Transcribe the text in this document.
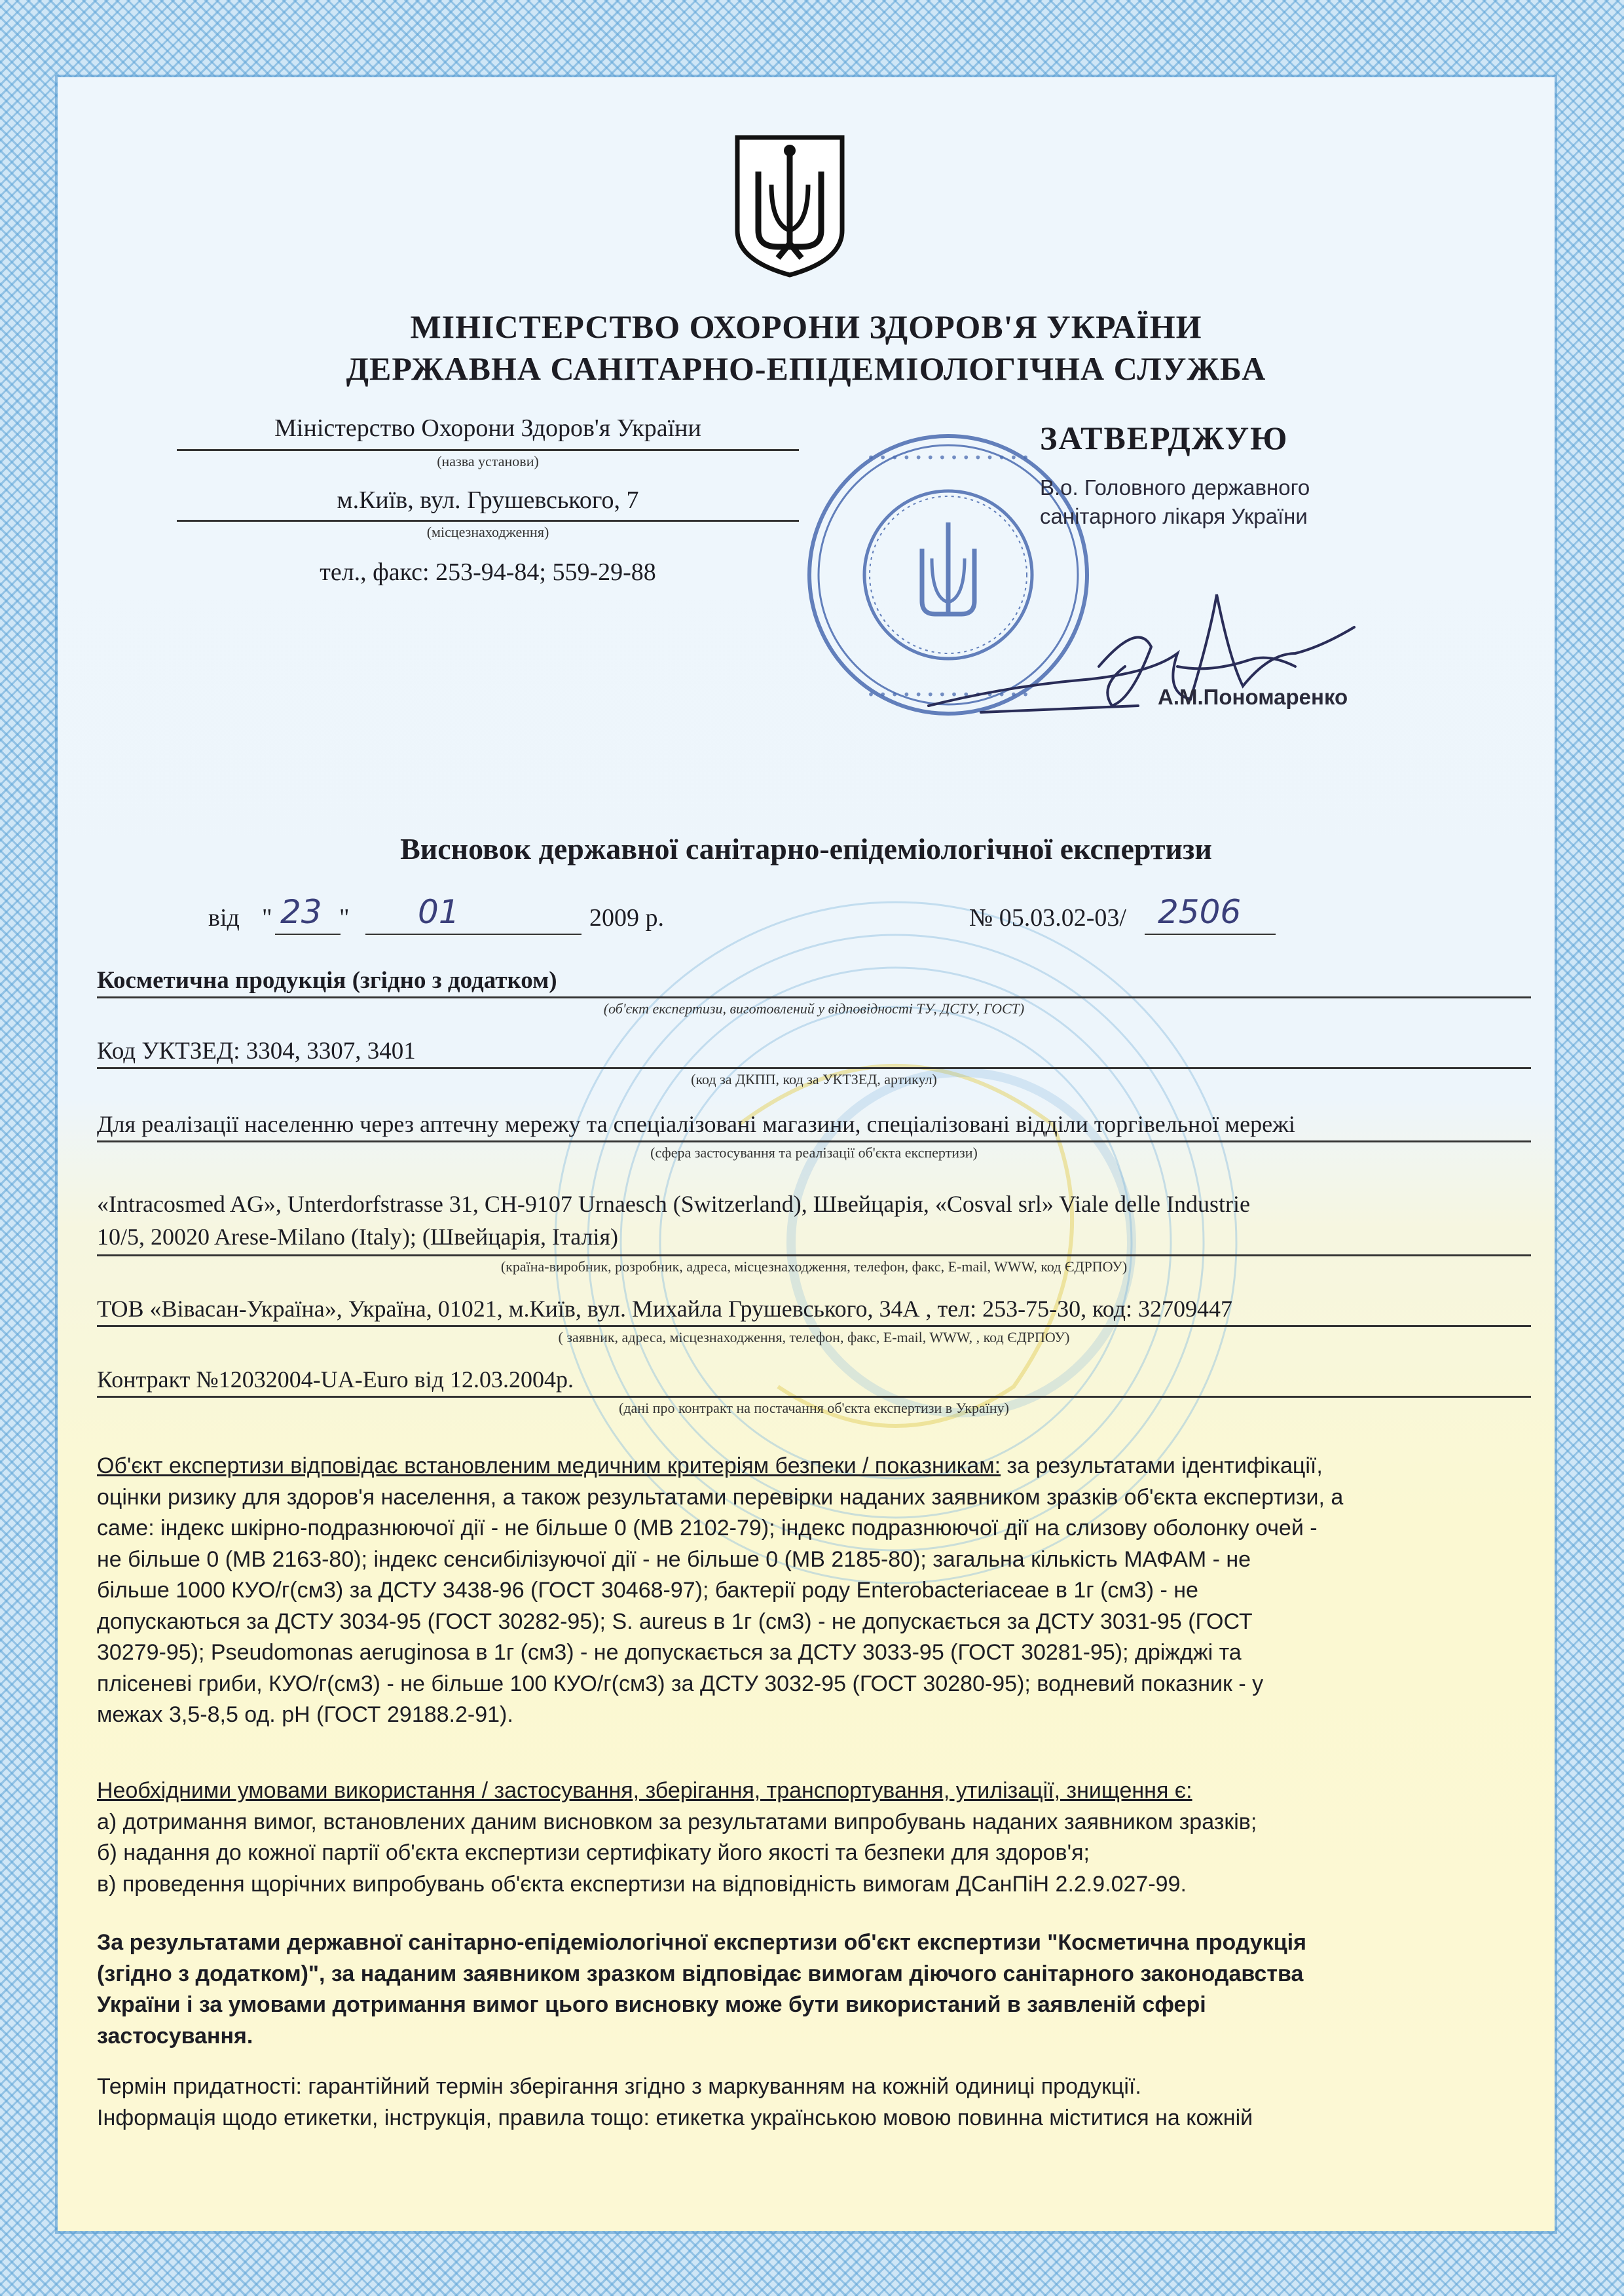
МІНІСТЕРСТВО ОХОРОНИ ЗДОРОВ'Я УКРАЇНИ
ДЕРЖАВНА САНІТАРНО-ЕПІДЕМІОЛОГІЧНА СЛУЖБА
Міністерство Охорони Здоров'я України
(назва установи)
м.Київ, вул. Грушевського, 7
(місцезнаходження)
тел., факс: 253-94-84; 559-29-88
• • • • • • • • • • • • • •
• • • • • • • • • • • • • •
ЗАТВЕРДЖУЮ
В.о. Головного державного
санітарного лікаря України
А.М.Пономаренко
Висновок державної санітарно-епідеміологічної експертизи
від " 23 " 01	2009 р.	№ 05.03.02-03/ 2506
Косметична продукція (згідно з додатком)
(об'єкт експертизи, виготовлений у відповідності ТУ, ДСТУ, ГОСТ)
Код УКТЗЕД: 3304, 3307, 3401
(код за ДКПП, код за УКТЗЕД, артикул)
Для реалізації населенню через аптечну мережу та спеціалізовані магазини, спеціалізовані відділи торгівельної мережі
(сфера застосування та реалізації об'єкта експертизи)
«Intracosmed AG», Unterdorfstrasse 31, CH-9107 Urnaesch (Switzerland), Швейцарія, «Cosval srl» Viale delle Industrie
10/5, 20020 Arese-Milano (Italy); (Швейцарія, Італія)
(країна-виробник, розробник, адреса, місцезнаходження, телефон, факс, E-mail, WWW, код ЄДРПОУ)
ТОВ «Вівасан-Україна», Україна, 01021, м.Київ, вул. Михайла Грушевського, 34А , тел: 253-75-30, код: 32709447
( заявник, адреса, місцезнаходження, телефон, факс, E-mail, WWW, , код ЄДРПОУ)
Контракт №12032004-UA-Euro від 12.03.2004р.
(дані про контракт на постачання об'єкта експертизи в Україну)
Об'єкт експертизи відповідає встановленим медичним критеріям безпеки / показникам: за результатами ідентифікації,
оцінки ризику для здоров'я населення, а також результатами перевірки наданих заявником зразків об'єкта експертизи, а
саме: індекс шкірно-подразнюючої дії - не більше 0 (МВ 2102-79); індекс подразнюючої дії на слизову оболонку очей -
не більше 0 (МВ 2163-80); індекс сенсибілізуючої дії - не більше 0 (МВ 2185-80); загальна кількість МАФАМ - не
більше 1000 КУО/г(см3) за ДСТУ 3438-96 (ГОСТ 30468-97); бактерії роду Enterobacteriaceae в 1г (см3) - не
допускаються за ДСТУ 3034-95 (ГОСТ 30282-95); S. aureus в 1г (см3) - не допускається за ДСТУ 3031-95 (ГОСТ
30279-95); Pseudomonas aeruginosa в 1г (см3) - не допускається за ДСТУ 3033-95 (ГОСТ 30281-95); дріжджі та
плісеневі гриби, КУО/г(см3) - не більше 100 КУО/г(см3) за ДСТУ 3032-95 (ГОСТ 30280-95); водневий показник - у
межах 3,5-8,5 од. рН (ГОСТ 29188.2-91).
Необхідними умовами використання / застосування, зберігання, транспортування, утилізації, знищення є:
а) дотримання вимог, встановлених даним висновком за результатами випробувань наданих заявником зразків;
б) надання до кожної партії об'єкта експертизи сертифікату його якості та безпеки для здоров'я;
в) проведення щорічних випробувань об'єкта експертизи на відповідність вимогам ДСанПіН 2.2.9.027-99.
За результатами державної санітарно-епідеміологічної експертизи об'єкт експертизи "Косметична продукція
(згідно з додатком)", за наданим заявником зразком відповідає вимогам діючого санітарного законодавства
України і за умовами дотримання вимог цього висновку може бути використаний в заявленій сфері
застосування.
Термін придатності: гарантійний термін зберігання згідно з маркуванням на кожній одиниці продукції.
Інформація щодо етикетки, інструкція, правила тощо: етикетка українською мовою повинна міститися на кожній
